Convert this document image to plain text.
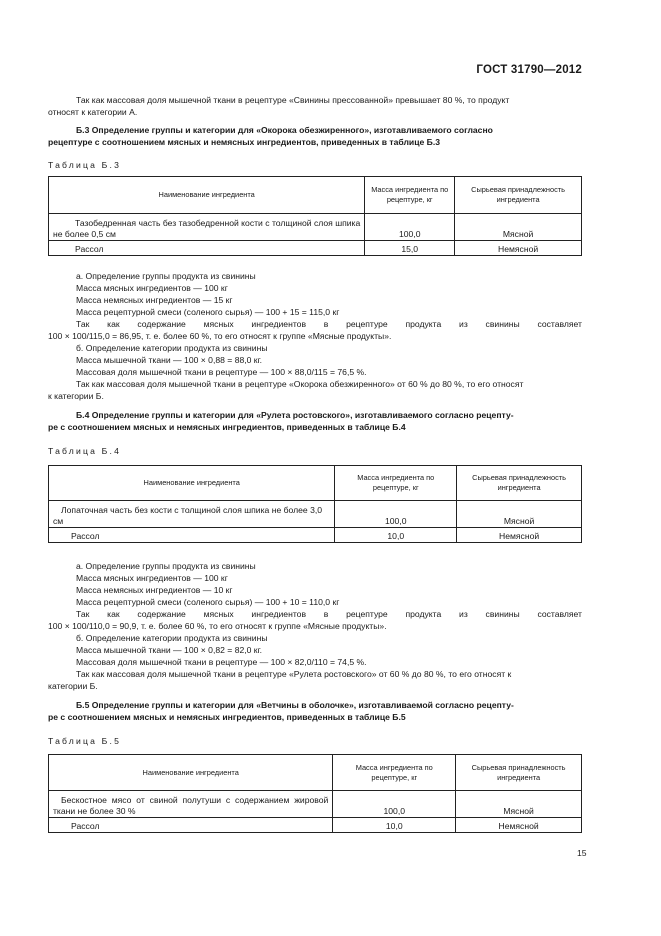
ГОСТ 31790—2012
Так как массовая доля мышечной ткани в рецептуре «Свинины прессованной» превышает 80 %, то продукт
относят к категории А.
Б.3 Определение группы и категории для «Окорока обезжиренного», изготавливаемого согласно
рецептуре с соотношением мясных и немясных ингредиентов, приведенных в таблице Б.3
Таблица Б.3
Наименование ингредиента	Масса ингредиента по рецептуре, кг	Сырьевая принадлежность ингредиента
Тазобедренная часть без тазобедренной кости с толщиной слоя шпика не более 0,5 см	100,0	Мясной
Рассол	15,0	Немясной
а. Определение группы продукта из свинины
Масса мясных ингредиентов — 100 кг
Масса немясных ингредиентов — 15 кг
Масса рецептурной смеси (соленого сырья) — 100 + 15 = 115,0 кг
Так как содержание мясных ингредиентов в рецептуре продукта из свинины составляет
100 × 100/115,0 = 86,95, т. е. более 60 %, то его относят к группе «Мясные продукты».
б. Определение категории продукта из свинины
Масса мышечной ткани — 100 × 0,88 = 88,0 кг.
Массовая доля мышечной ткани в рецептуре — 100 × 88,0/115 = 76,5 %.
Так как массовая доля мышечной ткани в рецептуре «Окорока обезжиренного» от 60 % до 80 %, то его относят
к категории Б.
Б.4 Определение группы и категории для «Рулета ростовского», изготавливаемого согласно рецепту-
ре с соотношением мясных и немясных ингредиентов, приведенных в таблице Б.4
Таблица Б.4
Наименование ингредиента	Масса ингредиента по рецептуре, кг	Сырьевая принадлежность ингредиента
Лопаточная часть без кости с толщиной слоя шпика не более 3,0 см	100,0	Мясной
Рассол	10,0	Немясной
а. Определение группы продукта из свинины
Масса мясных ингредиентов — 100 кг
Масса немясных ингредиентов — 10 кг
Масса рецептурной смеси (соленого сырья) — 100 + 10 = 110,0 кг
Так как содержание мясных ингредиентов в рецептуре продукта из свинины составляет
100 × 100/110,0 = 90,9, т. е. более 60 %, то его относят к группе «Мясные продукты».
б. Определение категории продукта из свинины
Масса мышечной ткани — 100 × 0,82 = 82,0 кг.
Массовая доля мышечной ткани в рецептуре — 100 × 82,0/110 = 74,5 %.
Так как массовая доля мышечной ткани в рецептуре «Рулета ростовского» от 60 % до 80 %, то его относят к
категории Б.
Б.5 Определение группы и категории для «Ветчины в оболочке», изготавливаемой согласно рецепту-
ре с соотношением мясных и немясных ингредиентов, приведенных в таблице Б.5
Таблица Б.5
Наименование ингредиента	Масса ингредиента по рецептуре, кг	Сырьевая принадлежность ингредиента
Бескостное мясо от свиной полутуши с содержанием жировой ткани не более 30 %	100,0	Мясной
Рассол	10,0	Немясной
15
